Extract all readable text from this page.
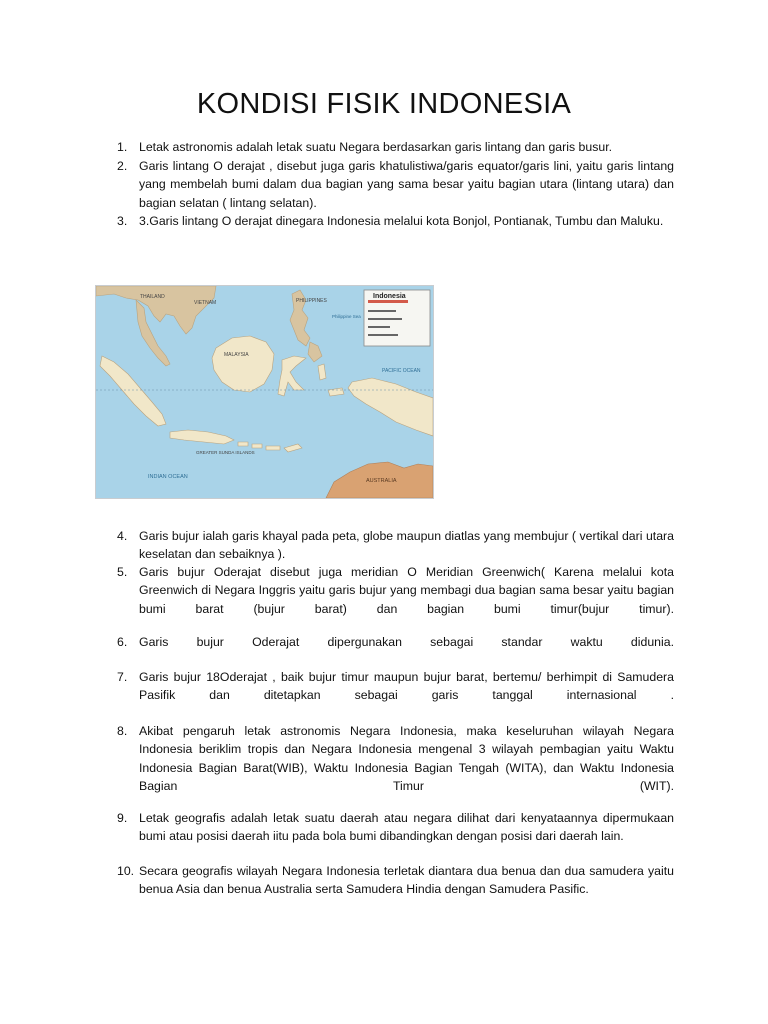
KONDISI FISIK INDONESIA
1. Letak astronomis adalah letak suatu Negara berdasarkan garis lintang dan garis busur.
2. Garis lintang O derajat , disebut juga garis khatulistiwa/garis equator/garis lini, yaitu garis lintang yang membelah bumi dalam dua bagian yang sama besar yaitu bagian utara (lintang utara) dan bagian selatan ( lintang selatan).
3. 3.Garis lintang O derajat dinegara Indonesia melalui kota Bonjol, Pontianak, Tumbu dan Maluku.
Indonesia
THAILAND
VIETNAM	PHILIPPINES
Philippine Sea
MALAYSIA
PACIFIC OCEAN
INDIAN OCEAN
AUSTRALIA
GREATER SUNDA ISLANDS
4. Garis bujur ialah garis khayal pada peta, globe maupun diatlas yang membujur ( vertikal dari utara keselatan dan sebaiknya ).
5. Garis bujur Oderajat disebut juga meridian O Meridian Greenwich( Karena melalui kota Greenwich di Negara Inggris yaitu garis bujur yang membagi dua bagian sama besar yaitu bagian bumi barat (bujur barat) dan bagian bumi timur(bujur timur).
6. Garis bujur Oderajat dipergunakan sebagai standar waktu didunia.
7. Garis bujur 18Oderajat , baik bujur timur maupun bujur barat, bertemu/ berhimpit di Samudera Pasifik dan ditetapkan sebagai garis tanggal internasional .
8. Akibat pengaruh letak astronomis Negara Indonesia, maka keseluruhan wilayah Negara Indonesia beriklim tropis dan Negara Indonesia mengenal 3 wilayah pembagian yaitu Waktu Indonesia Bagian Barat(WIB), Waktu Indonesia Bagian Tengah (WITA), dan Waktu Indonesia Bagian Timur (WIT).
9. Letak geografis adalah letak suatu daerah atau negara dilihat dari kenyataannya dipermukaan bumi atau posisi daerah iitu pada bola bumi dibandingkan dengan posisi dari daerah lain.
10. Secara geografis wilayah Negara Indonesia terletak diantara dua benua dan dua samudera yaitu benua Asia dan benua Australia serta Samudera Hindia dengan Samudera Pasific.
